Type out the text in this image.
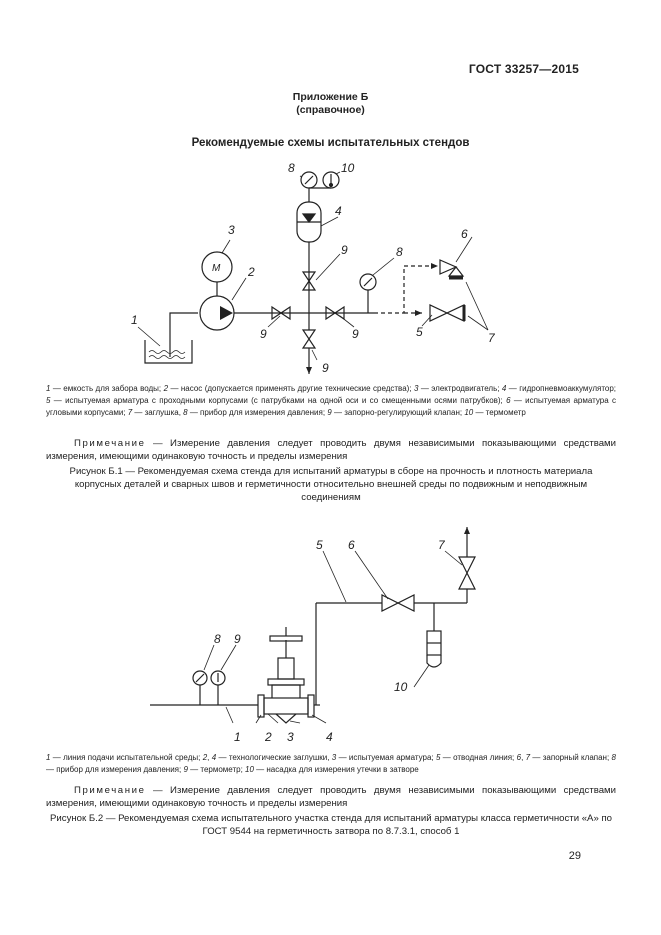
ГОСТ 33257—2015
Приложение Б
(справочное)
Рекомендуемые схемы испытательных стендов
1
2
3
4
5
6
7
8
8
9
9	9
9
10
M
1 — емкость для забора воды; 2 — насос (допускается применять другие технические средства); 3 — электродвигатель; 4 — гидропневмоаккумулятор; 5 — испытуемая арматура с проходными корпусами (с патрубками на одной оси и со смещенными осями патрубков); 6 — испытуемая арматура с угловыми корпусами; 7 — заглушка, 8 — прибор для измерения давления; 9 — запорно-регулирующий клапан; 10 — термометр
Примечание — Измерение давления следует проводить двумя независимыми показывающими средствами измерения, имеющими одинаковую точность и пределы измерения
Рисунок Б.1 — Рекомендуемая схема стенда для испытаний арматуры в сборе на прочность и плотность материала корпусных деталей и сварных швов и герметичности относительно внешней среды по подвижным и неподвижным соединениям
1 2 3	4
5 6	7
8 9
10
1 — линия подачи испытательной среды; 2, 4 — технологические заглушки, 3 — испытуемая арматура; 5 — отводная линия; 6, 7 — запорный клапан; 8 — прибор для измерения давления; 9 — термометр; 10 — насадка для измерения утечки в затворе
Примечание — Измерение давления следует проводить двумя независимыми показывающими средствами измерения, имеющими одинаковую точность и пределы измерения
Рисунок Б.2 — Рекомендуемая схема испытательного участка стенда для испытаний арматуры класса герметичности «А» по ГОСТ 9544 на герметичность затвора по 8.7.3.1, способ 1
29
